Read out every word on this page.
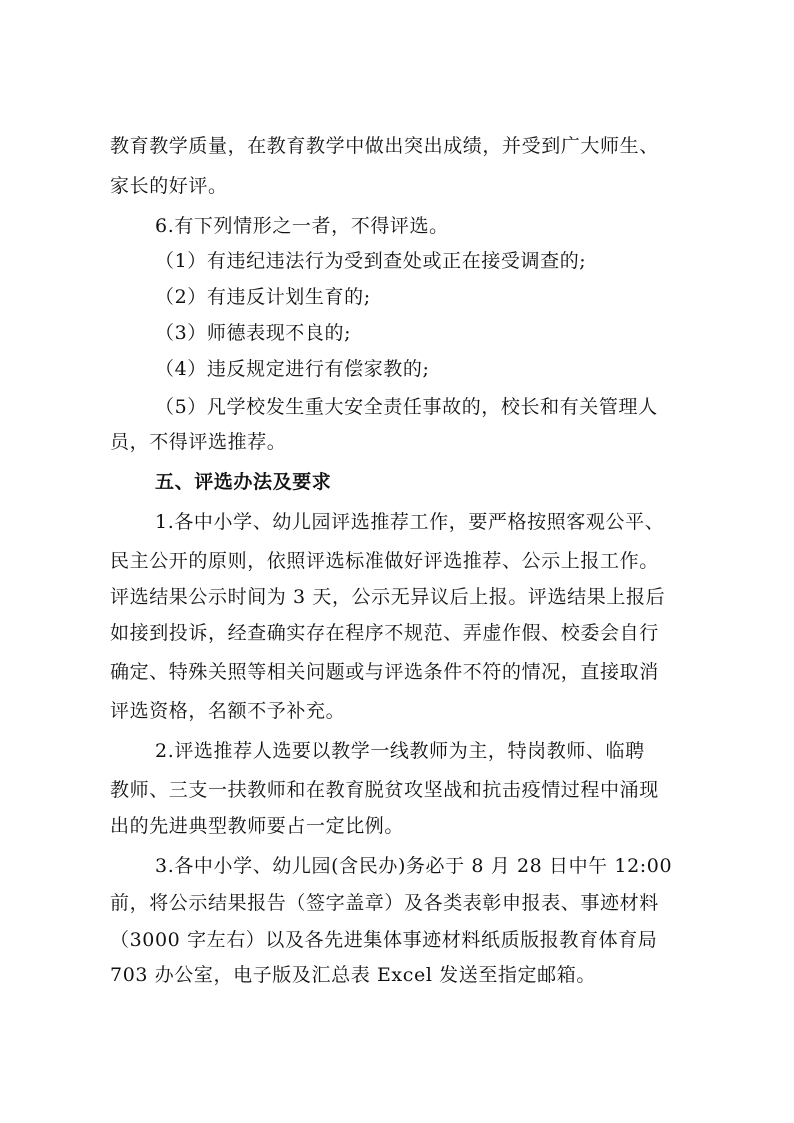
教育教学质量，在教育教学中做出突出成绩，并受到广大师生、
家长的好评。
6.有下列情形之一者，不得评选。
（1）有违纪违法行为受到查处或正在接受调查的;
（2）有违反计划生育的;
（3）师德表现不良的;
（4）违反规定进行有偿家教的;
（5）凡学校发生重大安全责任事故的，校长和有关管理人
员，不得评选推荐。
五、评选办法及要求
1.各中小学、幼儿园评选推荐工作，要严格按照客观公平、
民主公开的原则，依照评选标准做好评选推荐、公示上报工作。
评选结果公示时间为 3 天，公示无异议后上报。评选结果上报后
如接到投诉，经查确实存在程序不规范、弄虚作假、校委会自行
确定、特殊关照等相关问题或与评选条件不符的情况，直接取消
评选资格，名额不予补充。
2.评选推荐人选要以教学一线教师为主，特岗教师、临聘
教师、三支一扶教师和在教育脱贫攻坚战和抗击疫情过程中涌现
出的先进典型教师要占一定比例。
3.各中小学、幼儿园(含民办)务必于 8 月 28 日中午 12:00
前，将公示结果报告（签字盖章）及各类表彰申报表、事迹材料
（3000 字左右）以及各先进集体事迹材料纸质版报教育体育局
703 办公室，电子版及汇总表 Excel 发送至指定邮箱。
